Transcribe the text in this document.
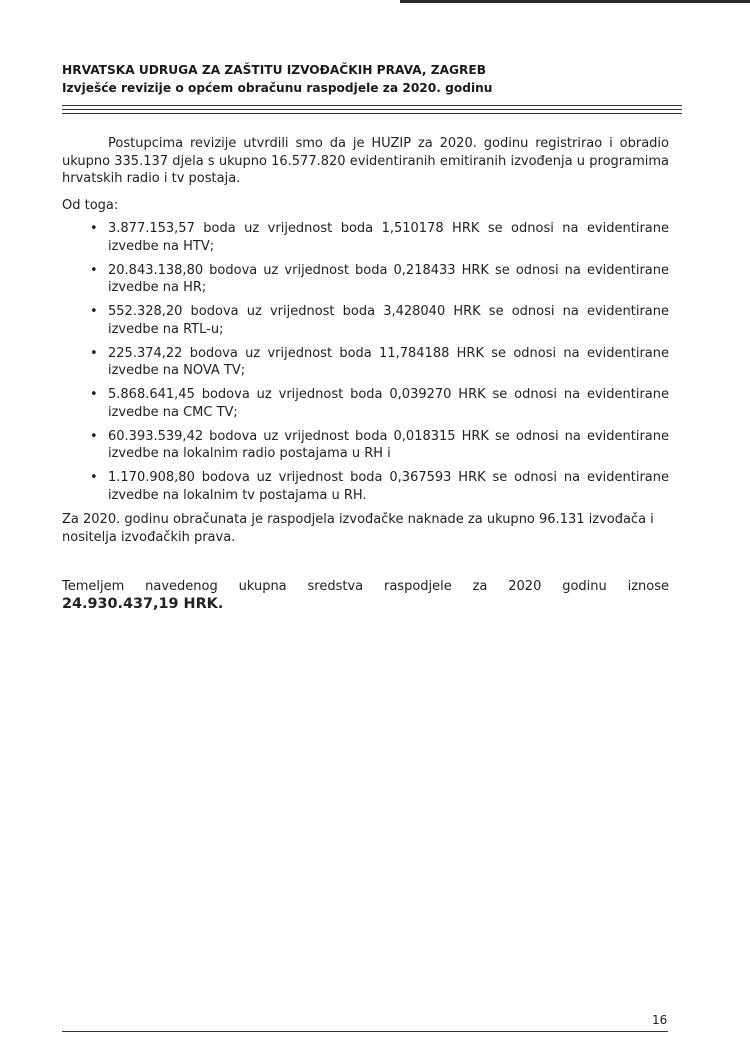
HRVATSKA UDRUGA ZA ZAŠTITU IZVOĐAČKIH PRAVA, ZAGREB
Izvješće revizije o općem obračunu raspodjele za 2020. godinu

Postupcima revizije utvrdili smo da je HUZIP za 2020. godinu registrirao i obradio ukupno 335.137 djela s ukupno 16.577.820 evidentiranih emitiranih izvođenja u programima hrvatskih radio i tv postaja.

Od toga:

• 3.877.153,57 boda uz vrijednost boda 1,510178 HRK se odnosi na evidentirane izvedbe na HTV;
• 20.843.138,80 bodova uz vrijednost boda 0,218433 HRK se odnosi na evidentirane izvedbe na HR;
• 552.328,20 bodova uz vrijednost boda 3,428040 HRK se odnosi na evidentirane izvedbe na RTL-u;
• 225.374,22 bodova uz vrijednost boda 11,784188 HRK se odnosi na evidentirane izvedbe na NOVA TV;
• 5.868.641,45 bodova uz vrijednost boda 0,039270 HRK se odnosi na evidentirane izvedbe na CMC TV;
• 60.393.539,42 bodova uz vrijednost boda 0,018315 HRK se odnosi na evidentirane izvedbe na lokalnim radio postajama u RH i
• 1.170.908,80 bodova uz vrijednost boda 0,367593 HRK se odnosi na evidentirane izvedbe na lokalnim tv postajama u RH.

Za 2020. godinu obračunata je raspodjela izvođačke naknade za ukupno 96.131 izvođača i nositelja izvođačkih prava.

Temeljem navedenog ukupna sredstva raspodjele za 2020 godinu iznose
24.930.437,19 HRK.

16
